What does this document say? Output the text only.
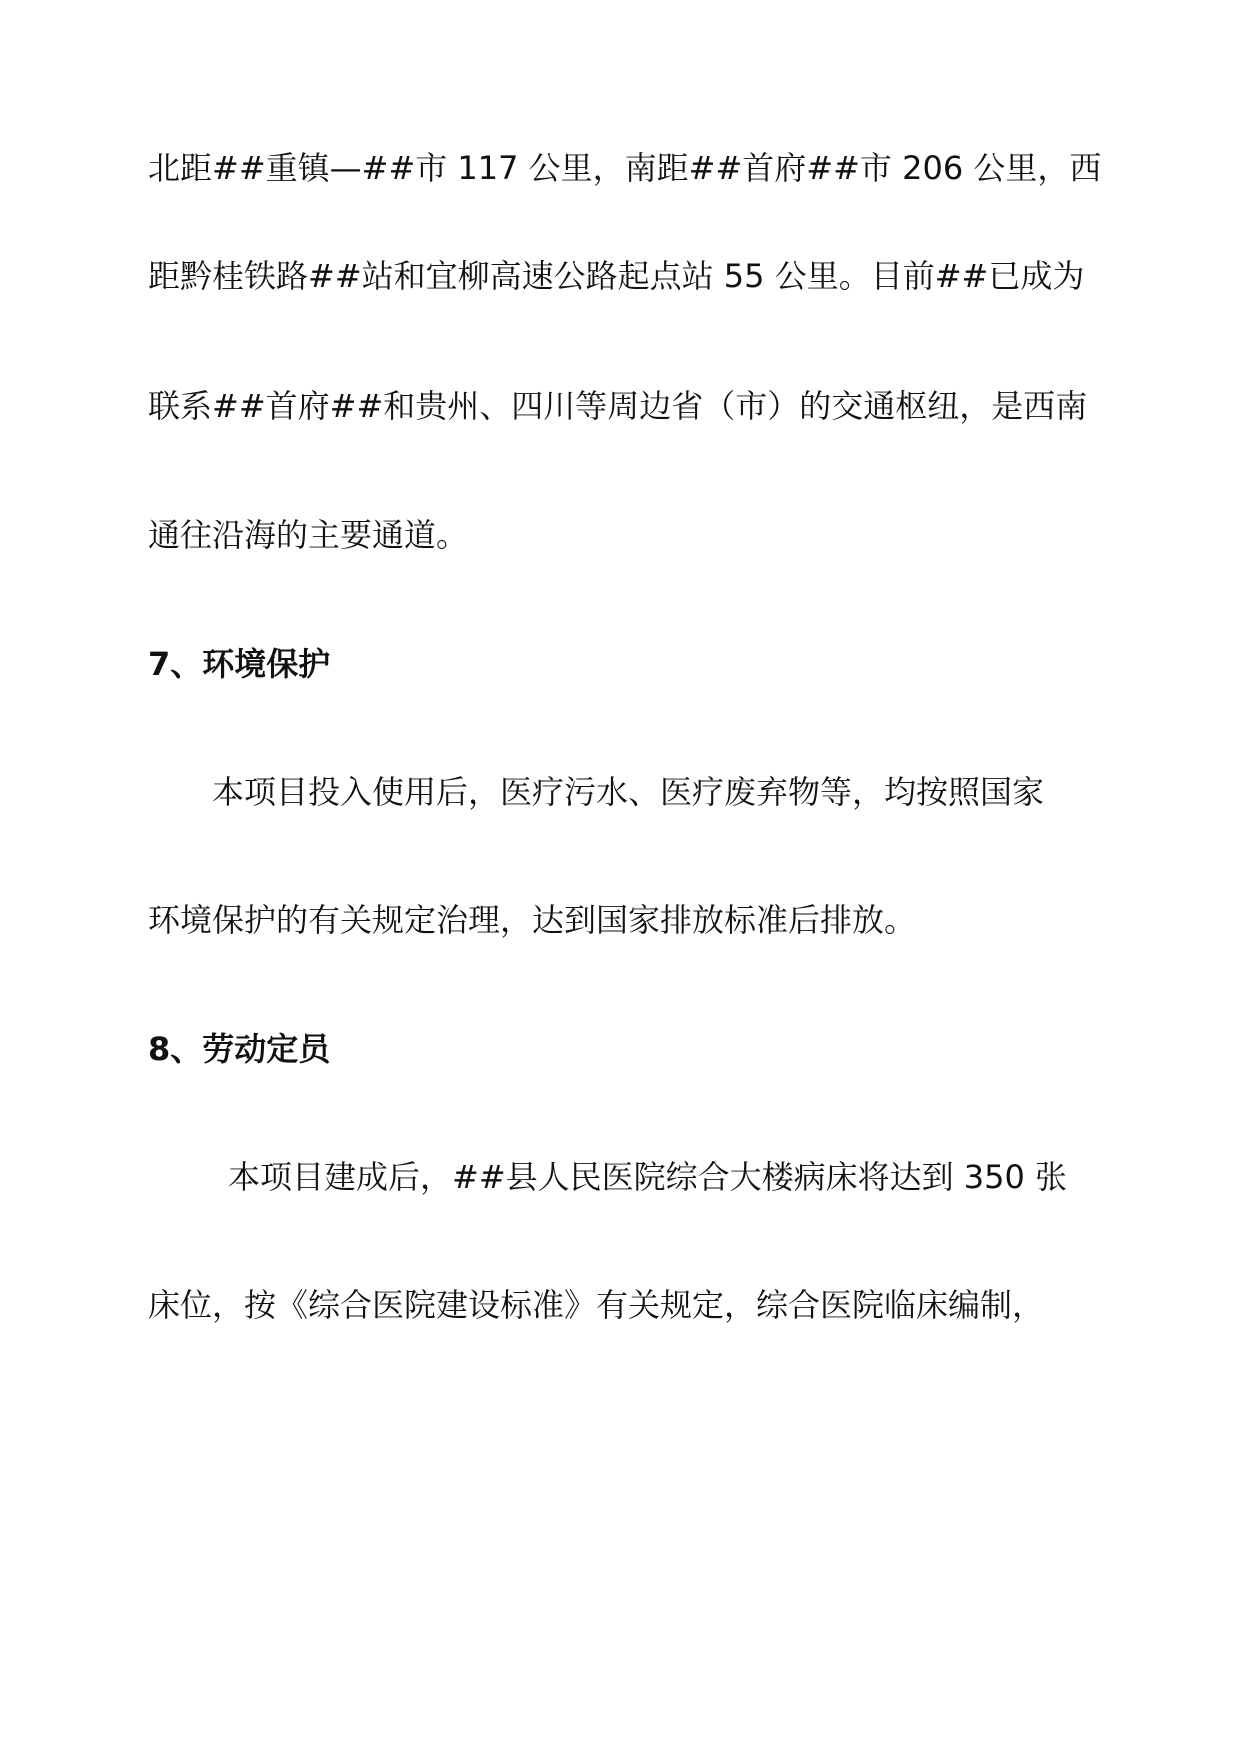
北距##重镇—##市 117 公里，南距##首府##市 206 公里，西
距黔桂铁路##站和宜柳高速公路起点站 55 公里。目前##已成为
联系##首府##和贵州、四川等周边省（市）的交通枢纽，是西南
通往沿海的主要通道。
7、环境保护
本项目投入使用后，医疗污水、医疗废弃物等，均按照国家
环境保护的有关规定治理，达到国家排放标准后排放。
8、劳动定员
本项目建成后，##县人民医院综合大楼病床将达到 350 张
床位，按《综合医院建设标准》有关规定，综合医院临床编制，
